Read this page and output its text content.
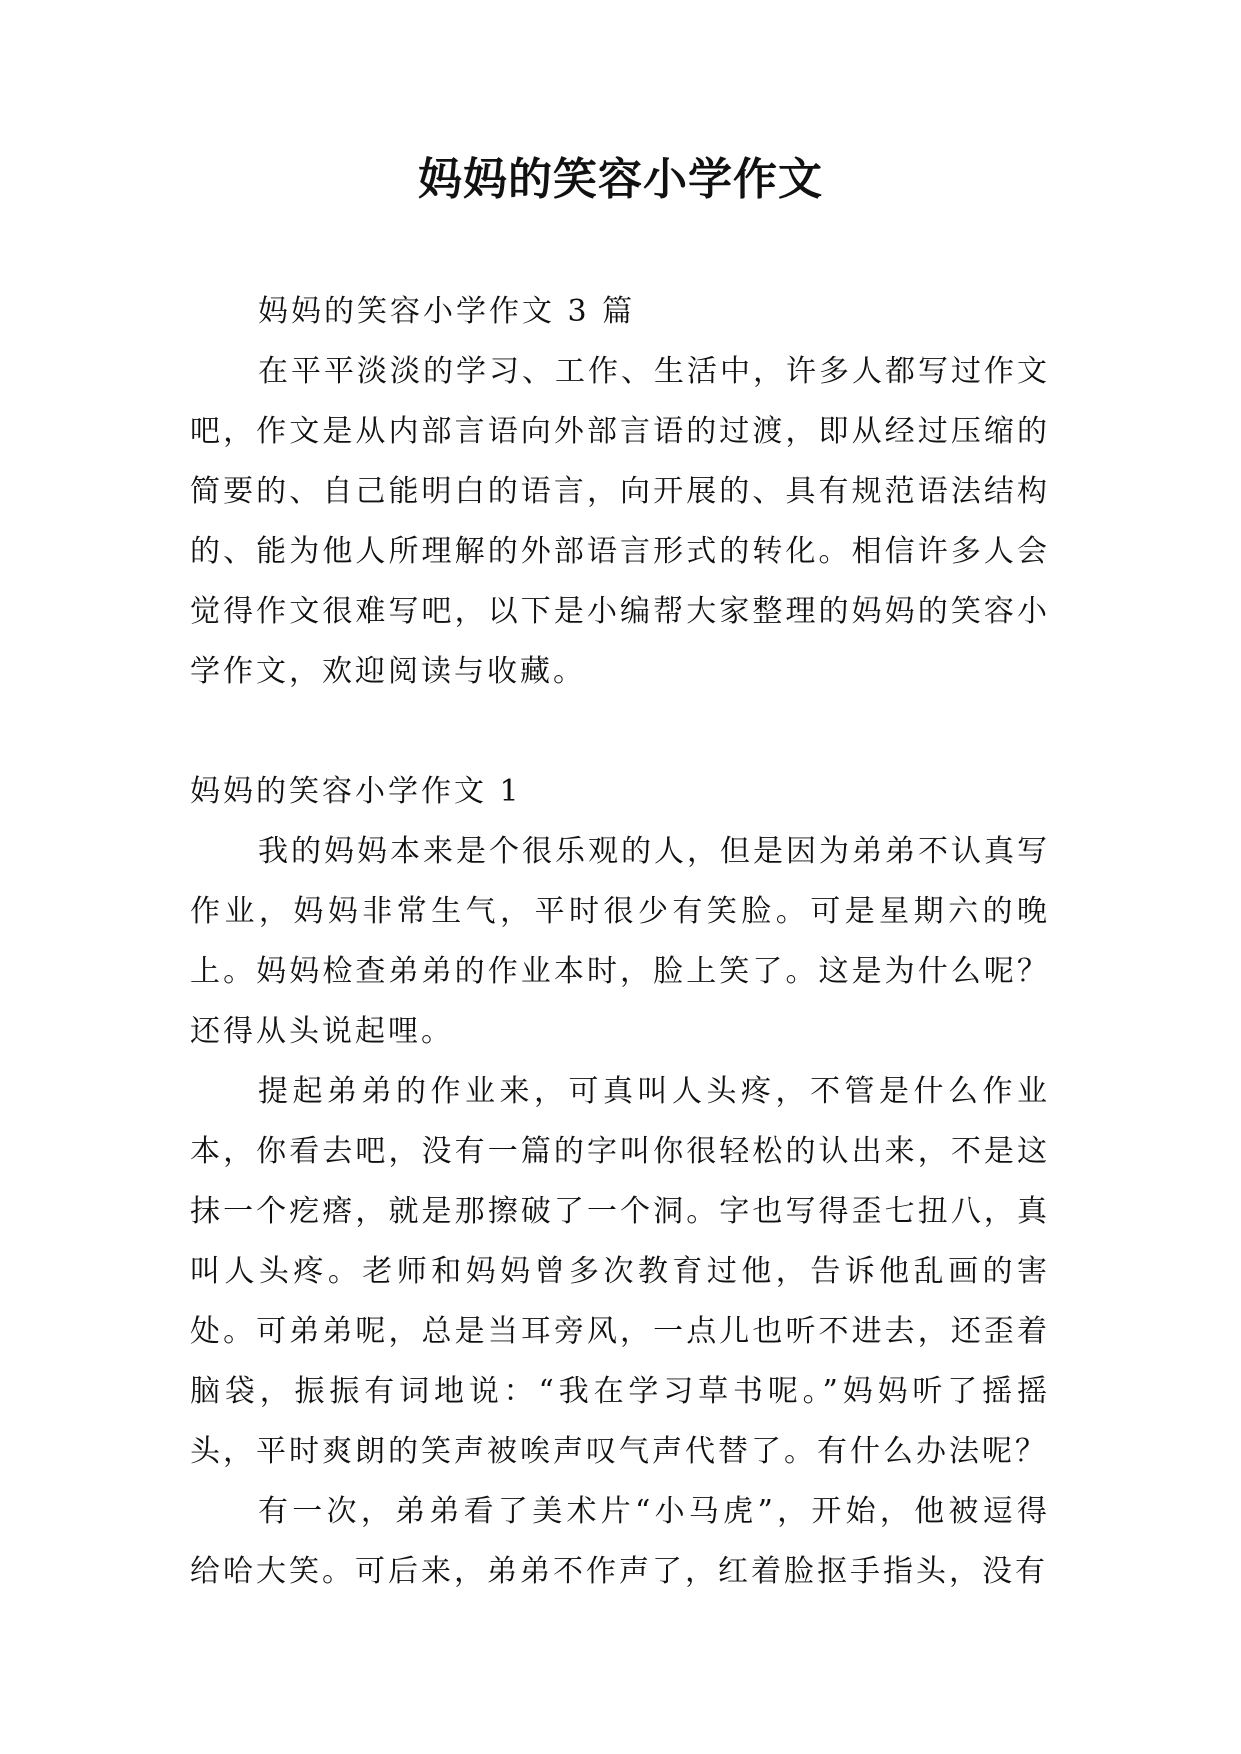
妈妈的笑容小学作文

妈妈的笑容小学作文 3 篇

在平平淡淡的学习、工作、生活中，许多人都写过作文吧，作文是从内部言语向外部言语的过渡，即从经过压缩的简要的、自己能明白的语言，向开展的、具有规范语法结构的、能为他人所理解的外部语言形式的转化。相信许多人会觉得作文很难写吧，以下是小编帮大家整理的妈妈的笑容小学作文，欢迎阅读与收藏。

妈妈的笑容小学作文 1

我的妈妈本来是个很乐观的人，但是因为弟弟不认真写作业，妈妈非常生气，平时很少有笑脸。可是星期六的晚上。妈妈检查弟弟的作业本时，脸上笑了。这是为什么呢？还得从头说起哩。

提起弟弟的作业来，可真叫人头疼，不管是什么作业本，你看去吧，没有一篇的字叫你很轻松的认出来，不是这抹一个疙瘩，就是那擦破了一个洞。字也写得歪七扭八，真叫人头疼。老师和妈妈曾多次教育过他，告诉他乱画的害处。可弟弟呢，总是当耳旁风，一点儿也听不进去，还歪着脑袋，振振有词地说：“我在学习草书呢。”妈妈听了摇摇头，平时爽朗的笑声被唉声叹气声代替了。有什么办法呢？

有一次，弟弟看了美术片“小马虎”，开始，他被逗得给哈大笑。可后来，弟弟不作声了，红着脸抠手指头，没有
